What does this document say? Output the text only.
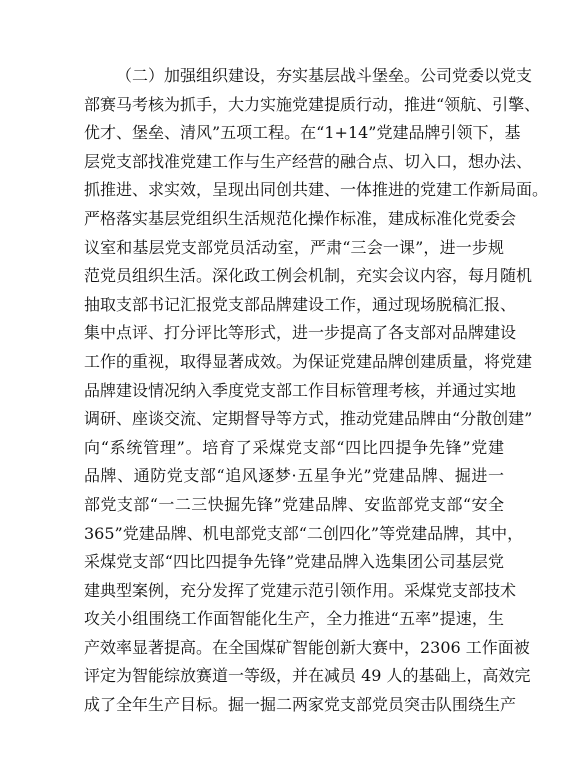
（二）加强组织建设，夯实基层战斗堡垒。公司党委以党支
部赛马考核为抓手，大力实施党建提质行动，推进“领航、引擎、
优才、堡垒、清风”五项工程。在“1+14”党建品牌引领下，基
层党支部找准党建工作与生产经营的融合点、切入口，想办法、
抓推进、求实效，呈现出同创共建、一体推进的党建工作新局面。
严格落实基层党组织生活规范化操作标准，建成标准化党委会
议室和基层党支部党员活动室，严肃“三会一课”，进一步规
范党员组织生活。深化政工例会机制，充实会议内容，每月随机
抽取支部书记汇报党支部品牌建设工作，通过现场脱稿汇报、
集中点评、打分评比等形式，进一步提高了各支部对品牌建设
工作的重视，取得显著成效。为保证党建品牌创建质量，将党建
品牌建设情况纳入季度党支部工作目标管理考核，并通过实地
调研、座谈交流、定期督导等方式，推动党建品牌由“分散创建”
向“系统管理”。培育了采煤党支部“四比四提争先锋”党建
品牌、通防党支部“追风逐梦·五星争光”党建品牌、掘进一
部党支部“一二三快掘先锋”党建品牌、安监部党支部“安全
365”党建品牌、机电部党支部“二创四化”等党建品牌，其中，
采煤党支部“四比四提争先锋”党建品牌入选集团公司基层党
建典型案例，充分发挥了党建示范引领作用。采煤党支部技术
攻关小组围绕工作面智能化生产，全力推进“五率”提速，生
产效率显著提高。在全国煤矿智能创新大赛中，2306 工作面被
评定为智能综放赛道一等级，并在减员 49 人的基础上，高效完
成了全年生产目标。掘一掘二两家党支部党员突击队围绕生产
